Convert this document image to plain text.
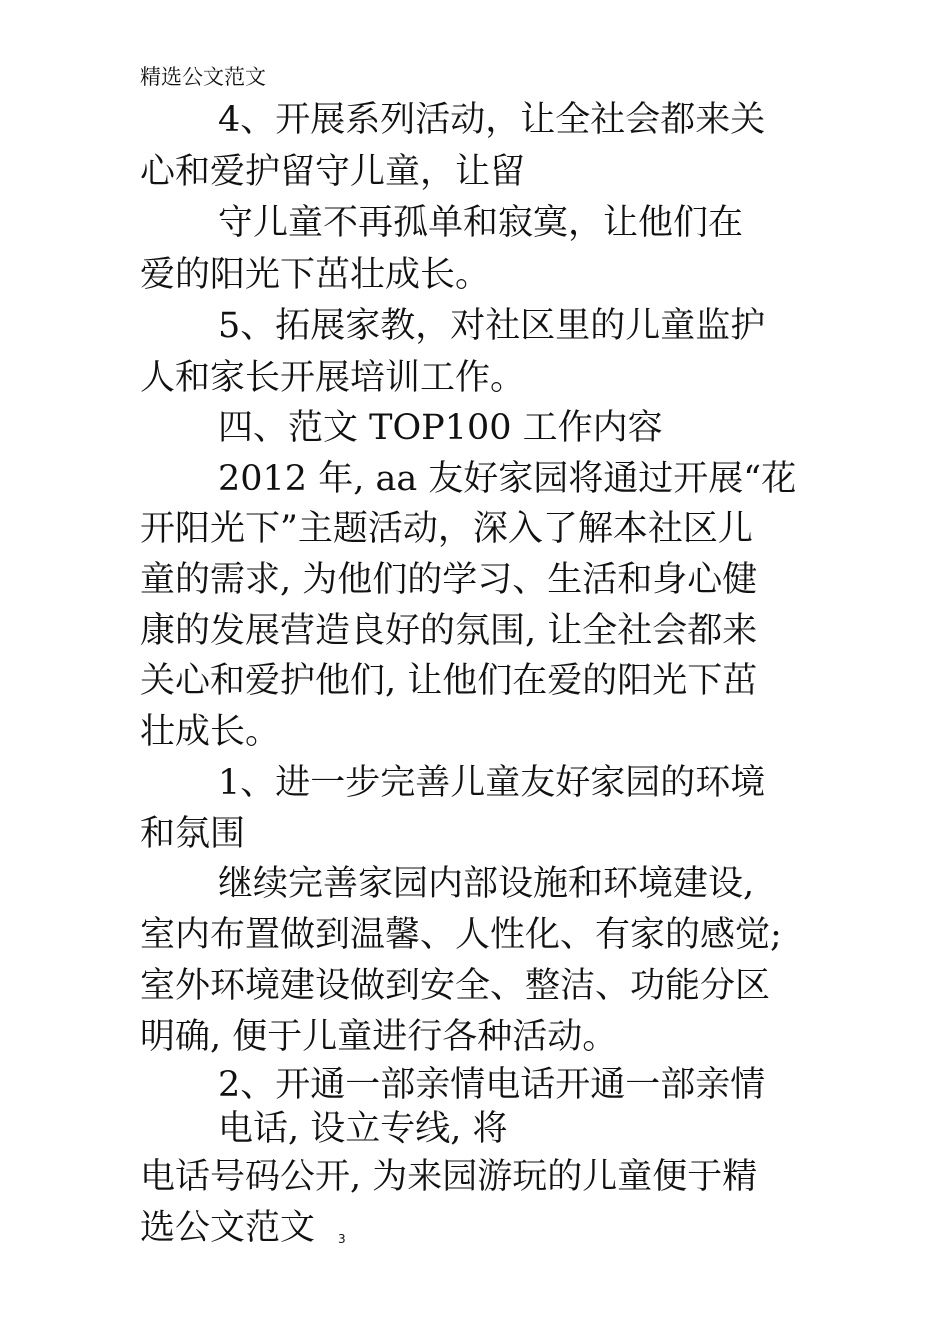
精选公文范文
4、开展系列活动，让全社会都来关
心和爱护留守儿童，让留
守儿童不再孤单和寂寞，让他们在
爱的阳光下茁壮成长。
5、拓展家教，对社区里的儿童监护
人和家长开展培训工作。
四、范文 TOP100 工作内容
2012 年, aa 友好家园将通过开展“花
开阳光下”主题活动，深入了解本社区儿
童的需求, 为他们的学习、生活和身心健
康的发展营造良好的氛围, 让全社会都来
关心和爱护他们, 让他们在爱的阳光下茁
壮成长。
1、进一步完善儿童友好家园的环境
和氛围
继续完善家园内部设施和环境建设,
室内布置做到温馨、人性化、有家的感觉;
室外环境建设做到安全、整洁、功能分区
明确, 便于儿童进行各种活动。
2、开通一部亲情电话开通一部亲情
电话, 设立专线, 将
电话号码公开, 为来园游玩的儿童便于精
选公文范文 3
